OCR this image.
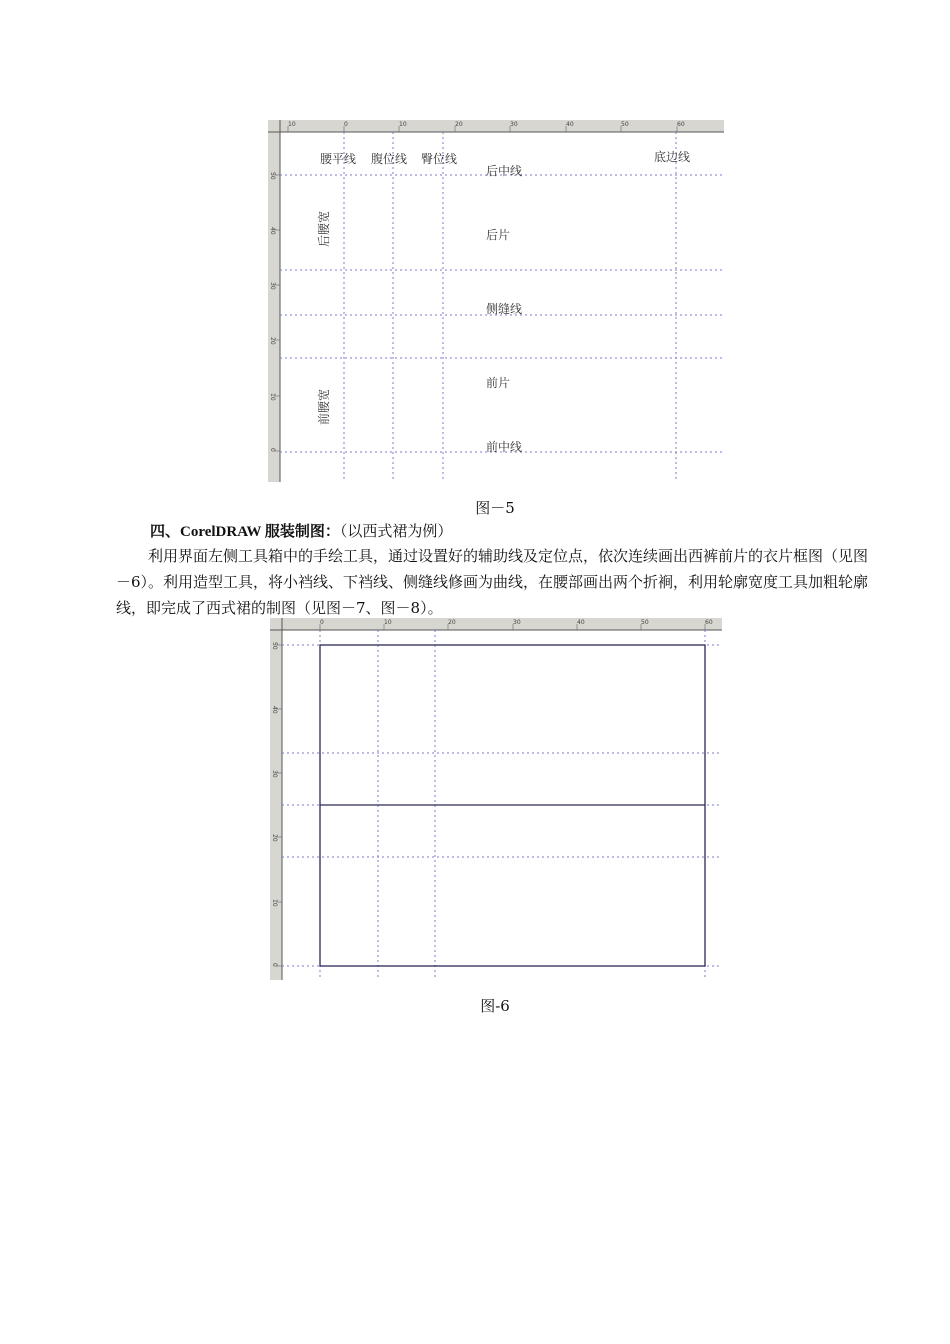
10	0	10	20	30	40	50	60
50
40
30
20
10
0
腰平线 腹位线 臀位线	底边线
后中线
后片
侧缝线
前片
前中线
后腰宽
前腰宽
图－5
四、CorelDRAW 服装制图：（以西式裙为例）
利用界面左侧工具箱中的手绘工具，通过设置好的辅助线及定位点，依次连续画出西裤前片的衣片框图（见图－6）。利用造型工具，将小裆线、下裆线、侧缝线修画为曲线，在腰部画出两个折裥，利用轮廓宽度工具加粗轮廓线，即完成了西式裙的制图（见图－7、图－8）。
0	10	20	30	40	50	60
50
40
30
20
10
0
图-6
